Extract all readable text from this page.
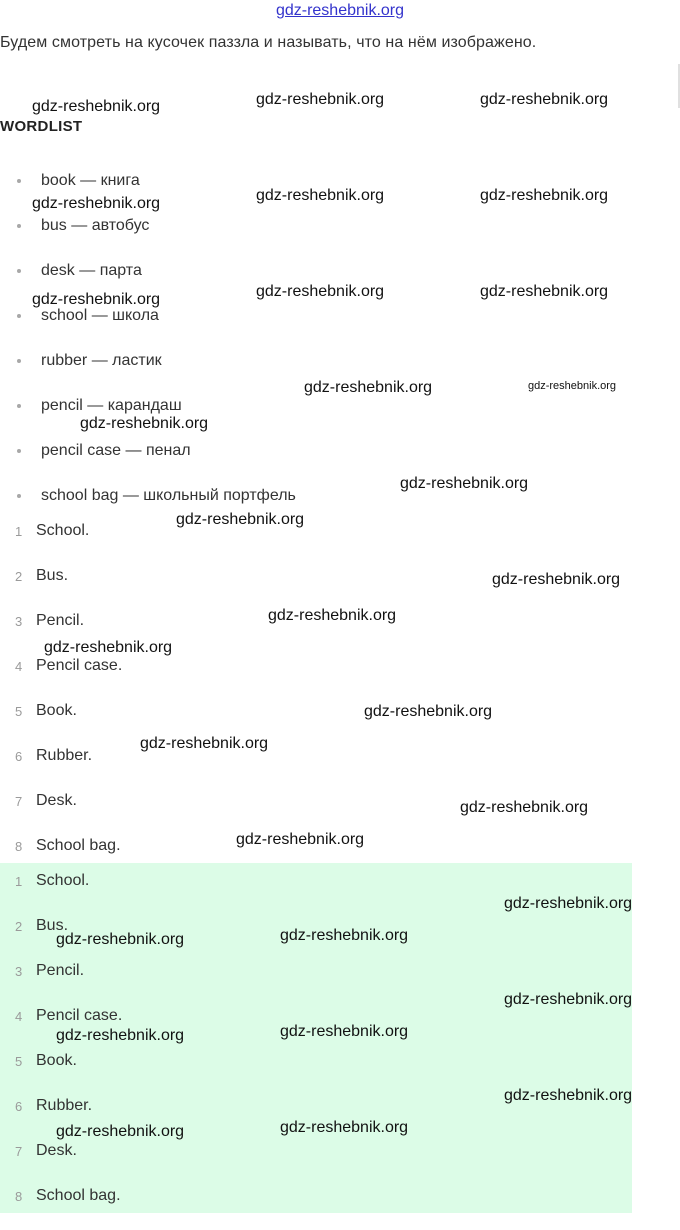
gdz-reshebnik.org
Будем смотреть на кусочек паззла и называть, что на нём изображено.
WORDLIST
book — книга
bus — автобус
desk — парта
school — школа
rubber — ластик
pencil — карандаш
pencil case — пенал
school bag — школьный портфель
1 School.
2 Bus.
3 Pencil.
4 Pencil case.
5 Book.
6 Rubber.
7 Desk.
8 School bag.
1 School.
2 Bus.
3 Pencil.
4 Pencil case.
5 Book.
6 Rubber.
7 Desk.
8 School bag.
gdz-reshebnik.org	gdz-reshebnik.org	gdz-reshebnik.org
gdz-reshebnik.org	gdz-reshebnik.org	gdz-reshebnik.org
gdz-reshebnik.org	gdz-reshebnik.org	gdz-reshebnik.org
gdz-reshebnik.org	gdz-reshebnik.org
gdz-reshebnik.org
gdz-reshebnik.org
gdz-reshebnik.org
gdz-reshebnik.org
gdz-reshebnik.org
gdz-reshebnik.org
gdz-reshebnik.org
gdz-reshebnik.org
gdz-reshebnik.org
gdz-reshebnik.org
gdz-reshebnik.org
gdz-reshebnik.org	gdz-reshebnik.org
gdz-reshebnik.org
gdz-reshebnik.org	gdz-reshebnik.org
gdz-reshebnik.org
gdz-reshebnik.org	gdz-reshebnik.org
